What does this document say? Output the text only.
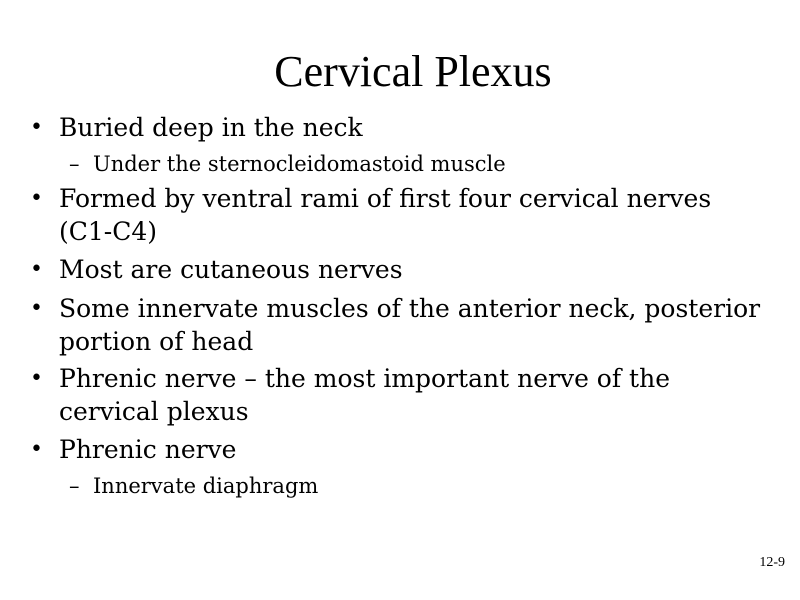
Cervical Plexus
• Buried deep in the neck
– Under the sternocleidomastoid muscle
• Formed by ventral rami of first four cervical nerves (C1-C4)
• Most are cutaneous nerves
• Some innervate muscles of the anterior neck, posterior portion of head
• Phrenic nerve – the most important nerve of the cervical plexus
• Phrenic nerve
– Innervate diaphragm
12-9
